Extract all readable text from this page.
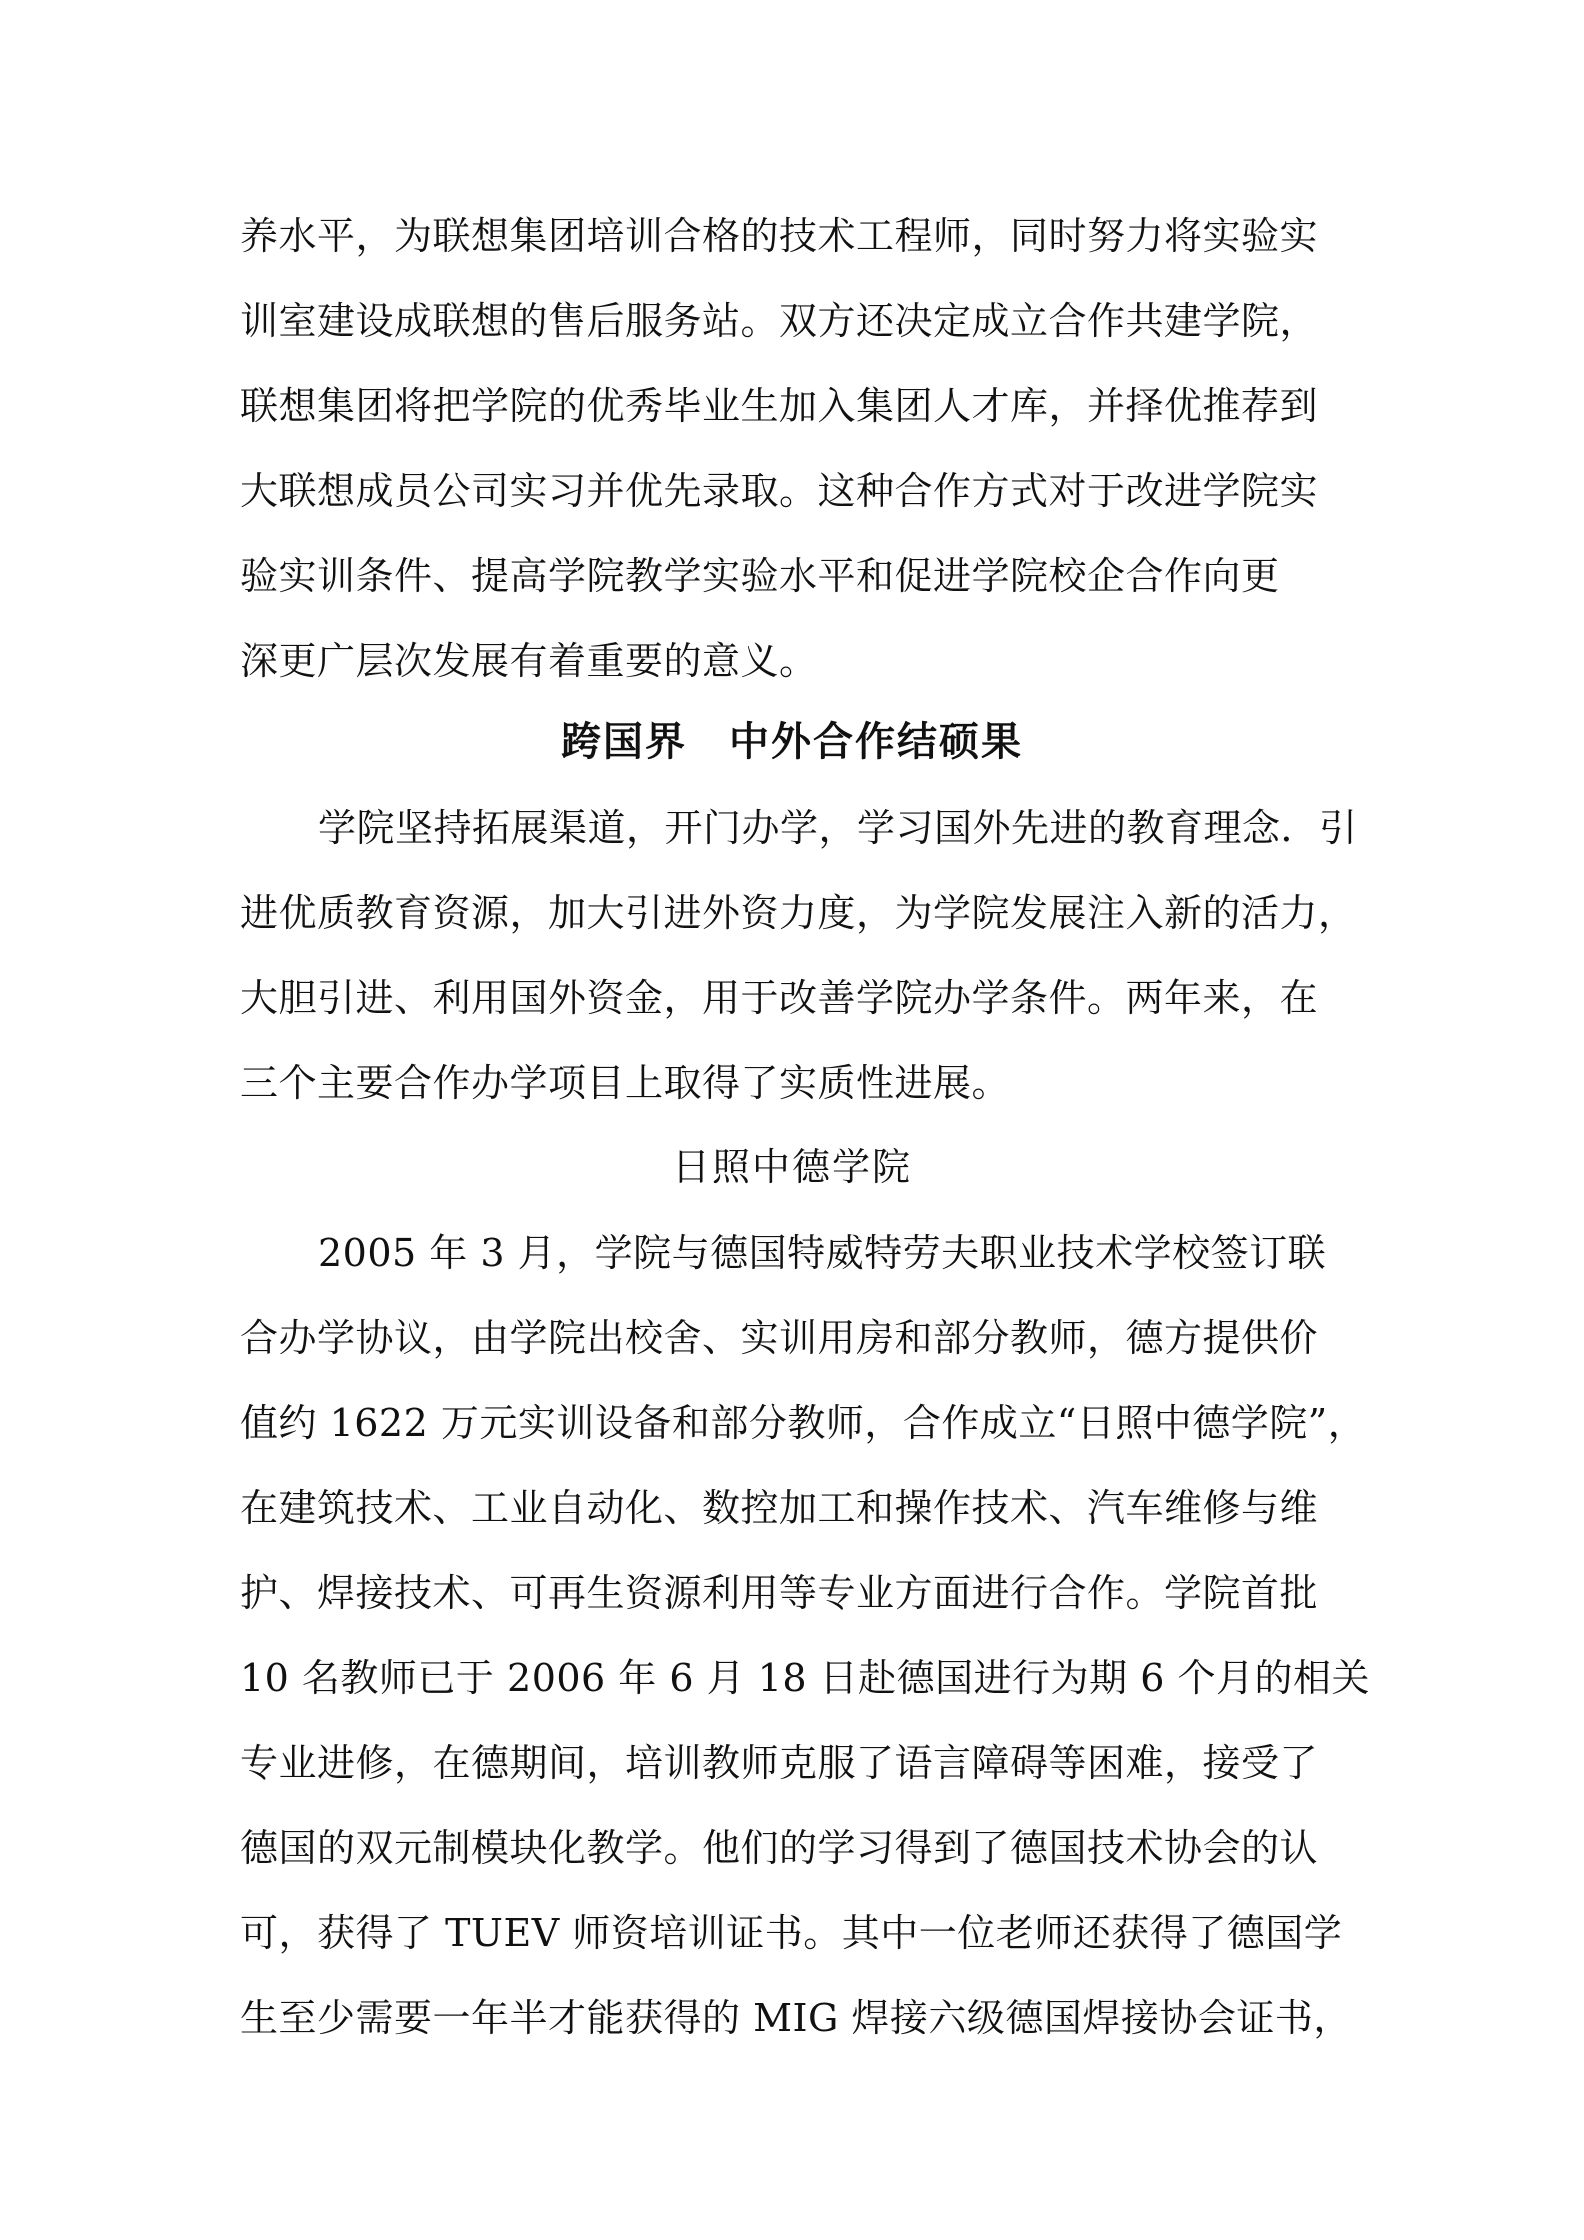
养水平，为联想集团培训合格的技术工程师，同时努力将实验实
训室建设成联想的售后服务站。双方还决定成立合作共建学院，
联想集团将把学院的优秀毕业生加入集团人才库，并择优推荐到
大联想成员公司实习并优先录取。这种合作方式对于改进学院实
验实训条件、提高学院教学实验水平和促进学院校企合作向更
深更广层次发展有着重要的意义。
跨国界　中外合作结硕果
学院坚持拓展渠道，开门办学，学习国外先进的教育理念．引
进优质教育资源，加大引进外资力度，为学院发展注入新的活力，
大胆引进、利用国外资金，用于改善学院办学条件。两年来，在
三个主要合作办学项目上取得了实质性进展。
日照中德学院
2005 年 3 月，学院与德国特威特劳夫职业技术学校签订联
合办学协议，由学院出校舍、实训用房和部分教师，德方提供价
值约 1622 万元实训设备和部分教师，合作成立“日照中德学院”，
在建筑技术、工业自动化、数控加工和操作技术、汽车维修与维
护、焊接技术、可再生资源利用等专业方面进行合作。学院首批
10 名教师已于 2006 年 6 月 18 日赴德国进行为期 6 个月的相关
专业进修，在德期间，培训教师克服了语言障碍等困难，接受了
德国的双元制模块化教学。他们的学习得到了德国技术协会的认
可，获得了 TUEV 师资培训证书。其中一位老师还获得了德国学
生至少需要一年半才能获得的 MIG 焊接六级德国焊接协会证书，
